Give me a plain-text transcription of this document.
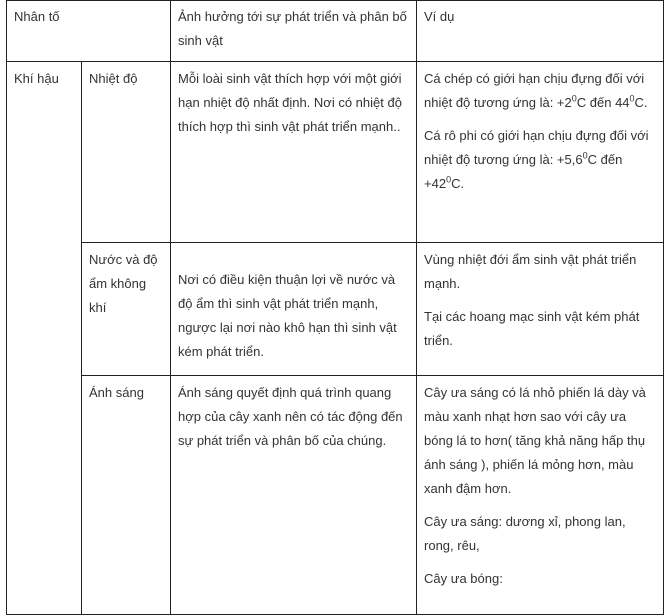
Nhân tố		Ảnh hưởng tới sự phát triển và phân bố sinh vật	Ví dụ
Khí hậu	Nhiệt độ	Mỗi loài sinh vật thích hợp với một giới hạn nhiệt độ nhất định. Nơi có nhiệt độ thích hợp thì sinh vật phát triển mạnh..	Cá chép có giới hạn chịu đựng đối với nhiệt độ tương ứng là: $+2^0C$ đến $44^0C$.

Cá rô phi có giới hạn chịu đựng đối với nhiệt độ tương ứng là: $+5,6^0C$ đến $+42^0C$.

	Nước và độ ẩm không khí	Nơi có điều kiện thuận lợi về nước và độ ẩm thì sinh vật phát triển mạnh, ngược lại nơi nào khô hạn thì sinh vật kém phát triển.	Vùng nhiệt đới ẩm sinh vật phát triển mạnh.

Tại các hoang mạc sinh vật kém phát triển.

	Ánh sáng	Ánh sáng quyết định quá trình quang hợp của cây xanh nên có tác động đến sự phát triển và phân bố của chúng.	Cây ưa sáng có lá nhỏ phiến lá dày và màu xanh nhạt hơn sao với cây ưa bóng lá to hơn( tăng khả năng hấp thụ ánh sáng ), phiến lá mỏng hơn, màu xanh đậm hơn.

Cây ưa sáng: dương xỉ, phong lan, rong, rêu,

Cây ưa bóng:
